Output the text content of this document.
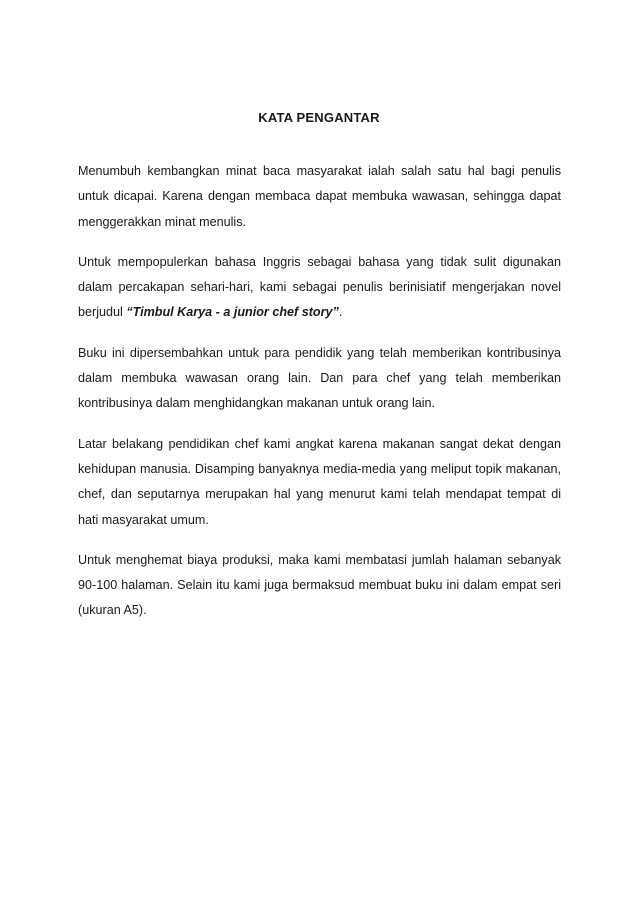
KATA PENGANTAR

Menumbuh kembangkan minat baca masyarakat ialah salah satu hal bagi penulis untuk dicapai. Karena dengan membaca dapat membuka wawasan, sehingga dapat menggerakkan minat menulis.

Untuk mempopulerkan bahasa Inggris sebagai bahasa yang tidak sulit digunakan dalam percakapan sehari-hari, kami sebagai penulis berinisiatif mengerjakan novel berjudul “Timbul Karya - a junior chef story”.

Buku ini dipersembahkan untuk para pendidik yang telah memberikan kontribusinya dalam membuka wawasan orang lain. Dan para chef yang telah memberikan kontribusinya dalam menghidangkan makanan untuk orang lain.

Latar belakang pendidikan chef kami angkat karena makanan sangat dekat dengan kehidupan manusia. Disamping banyaknya media-media yang meliput topik makanan, chef, dan seputarnya merupakan hal yang menurut kami telah mendapat tempat di hati masyarakat umum.

Untuk menghemat biaya produksi, maka kami membatasi jumlah halaman sebanyak 90-100 halaman. Selain itu kami juga bermaksud membuat buku ini dalam empat seri (ukuran A5).
